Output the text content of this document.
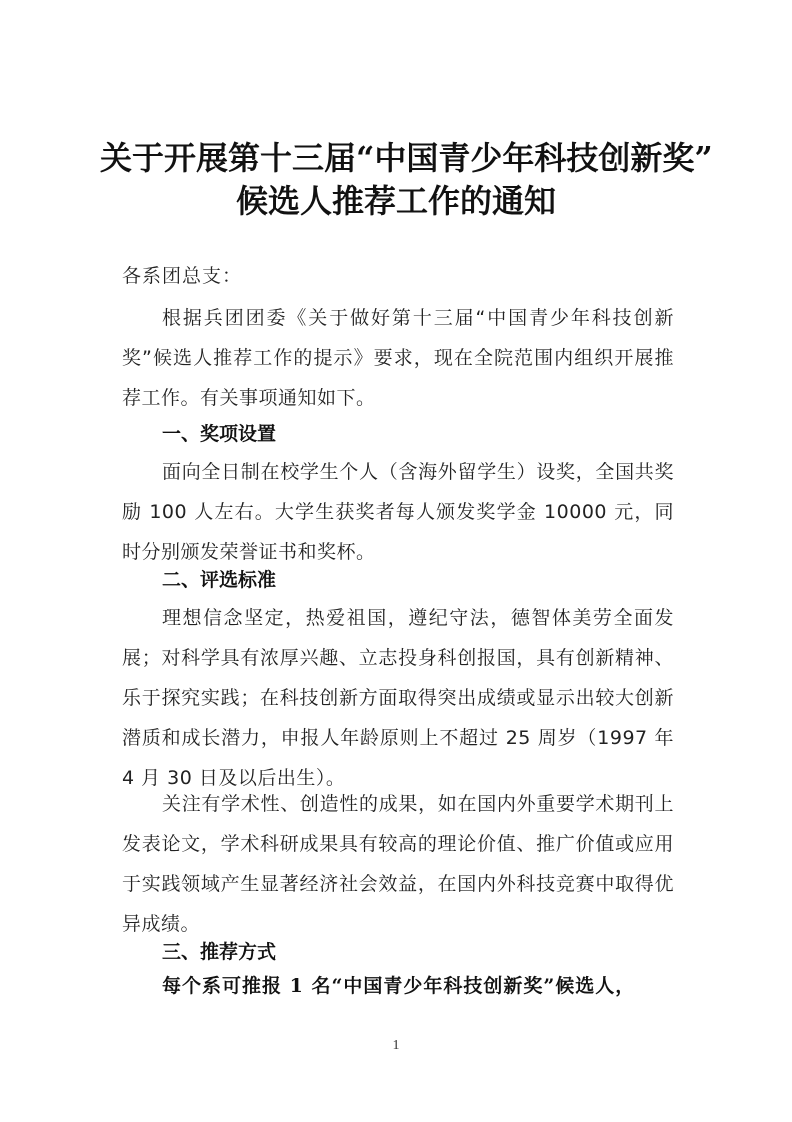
关于开展第十三届“中国青少年科技创新奖”
候选人推荐工作的通知
各系团总支：
根据兵团团委《关于做好第十三届“中国青少年科技创新奖”候选人推荐工作的提示》要求，现在全院范围内组织开展推荐工作。有关事项通知如下。
一、奖项设置
面向全日制在校学生个人（含海外留学生）设奖，全国共奖励 100 人左右。大学生获奖者每人颁发奖学金 10000 元，同时分别颁发荣誉证书和奖杯。
二、评选标准
理想信念坚定，热爱祖国，遵纪守法，德智体美劳全面发展；对科学具有浓厚兴趣、立志投身科创报国，具有创新精神、乐于探究实践；在科技创新方面取得突出成绩或显示出较大创新潜质和成长潜力，申报人年龄原则上不超过 25 周岁（1997 年 4 月 30 日及以后出生）。
关注有学术性、创造性的成果，如在国内外重要学术期刊上发表论文，学术科研成果具有较高的理论价值、推广价值或应用于实践领域产生显著经济社会效益，在国内外科技竞赛中取得优异成绩。
三、推荐方式
每个系可推报 1 名“中国青少年科技创新奖”候选人，
1
